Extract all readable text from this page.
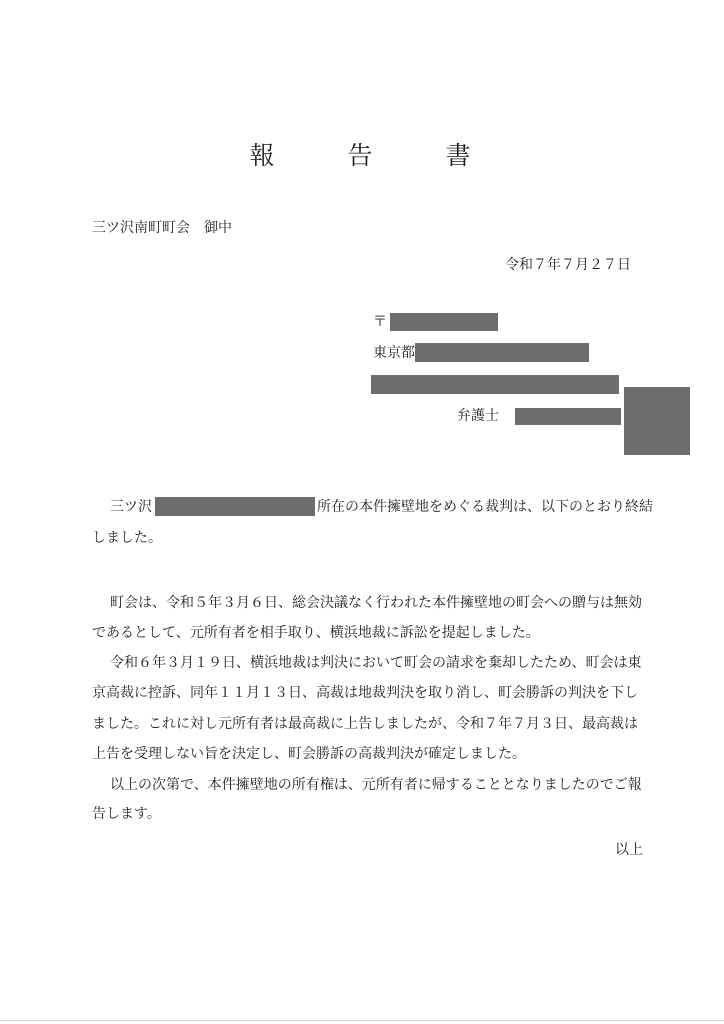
報　告　書
三ツ沢南町町会　御中
令和７年７月２７日
〒
東京都
弁護士
三ツ沢	所在の本件擁壁地をめぐる裁判は、以下のとおり終結
しました。
町会は、令和５年３月６日、総会決議なく行われた本件擁壁地の町会への贈与は無効
であるとして、元所有者を相手取り、横浜地裁に訴訟を提起しました。
令和６年３月１９日、横浜地裁は判決において町会の請求を棄却したため、町会は東
京高裁に控訴、同年１１月１３日、高裁は地裁判決を取り消し、町会勝訴の判決を下し
ました。これに対し元所有者は最高裁に上告しましたが、令和７年７月３日、最高裁は
上告を受理しない旨を決定し、町会勝訴の高裁判決が確定しました。
以上の次第で、本件擁壁地の所有権は、元所有者に帰することとなりましたのでご報
告します。
以上
